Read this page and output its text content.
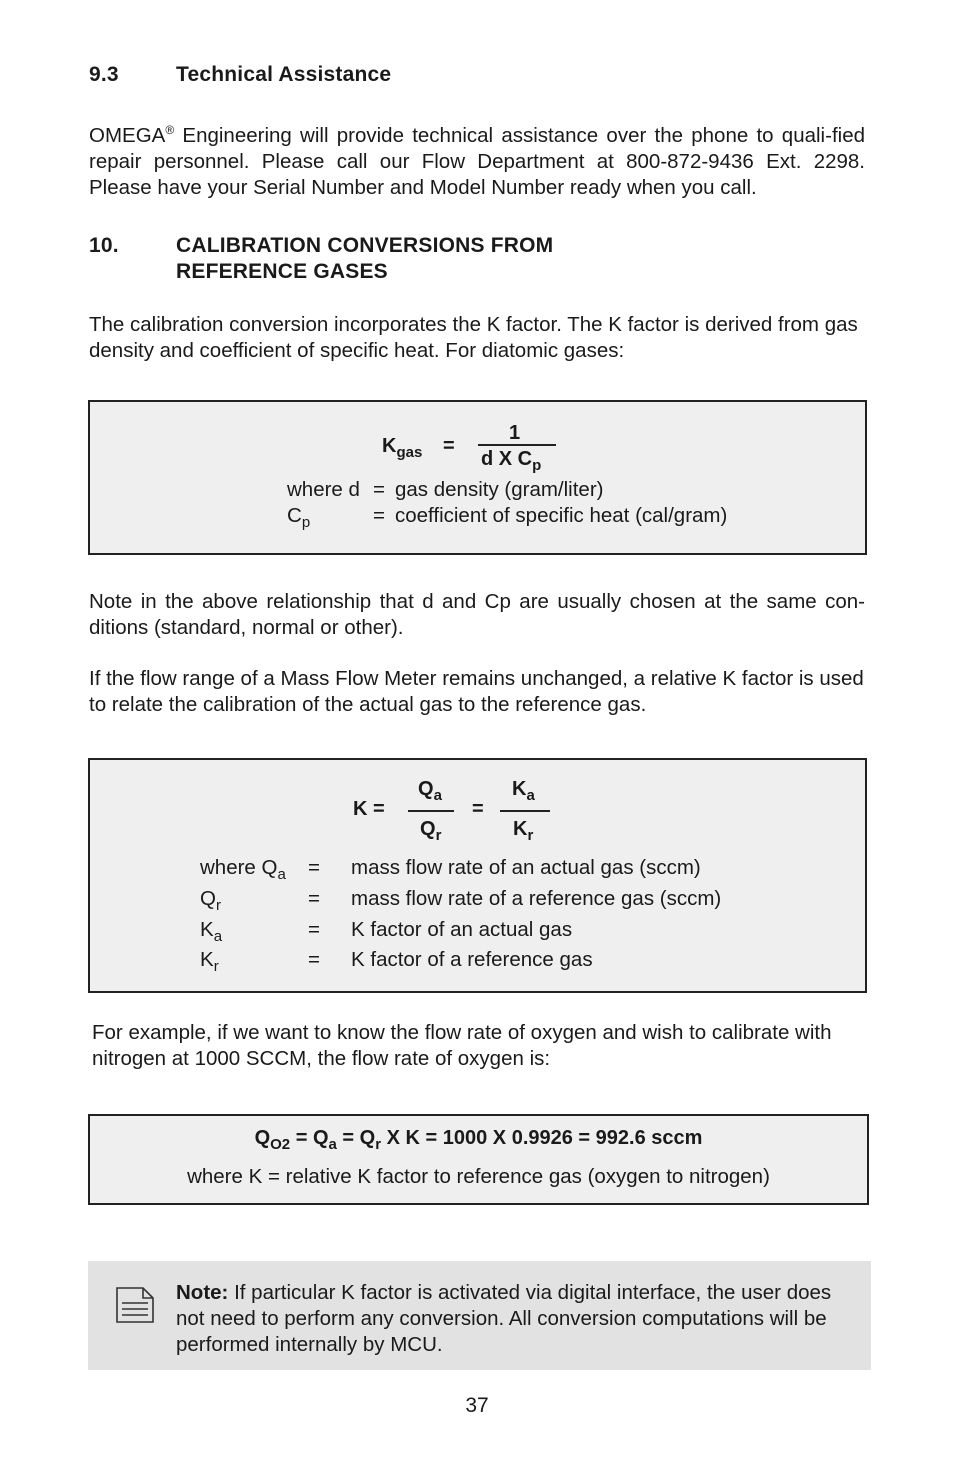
9.3	Technical Assistance
OMEGA® Engineering will provide technical assistance over the phone to quali-fied repair personnel. Please call our Flow Department at 800-872-9436 Ext. 2298. Please have your Serial Number and Model Number ready when you call.
10.	CALIBRATION CONVERSIONS FROM
REFERENCE GASES
The calibration conversion incorporates the K factor. The K factor is derived from gas density and coefficient of specific heat. For diatomic gases:
$K_{gas}$ =
1
d X $C_p$
where d = gas density (gram/liter)
$C_p$	= coefficient of specific heat (cal/gram)
Note in the above relationship that d and Cp are usually chosen at the same con-ditions (standard, normal or other).
If the flow range of a Mass Flow Meter remains unchanged, a relative K factor is used to relate the calibration of the actual gas to the reference gas.
K =
$Q_a$
$Q_r$
=
$K_a$
$K_r$
where $Q_a$ = mass flow rate of an actual gas (sccm)
$Q_r$	= mass flow rate of a reference gas (sccm)
$K_a$	= K factor of an actual gas
$K_r$	= K factor of a reference gas
For example, if we want to know the flow rate of oxygen and wish to calibrate with nitrogen at 1000 SCCM, the flow rate of oxygen is:
$Q_{O2} = Q_a = Q_r$ X K = 1000 X 0.9926 = 992.6 sccm
where K = relative K factor to reference gas (oxygen to nitrogen)
Note: If particular K factor is activated via digital interface, the user does not need to perform any conversion. All conversion computations will be performed internally by MCU.
37
